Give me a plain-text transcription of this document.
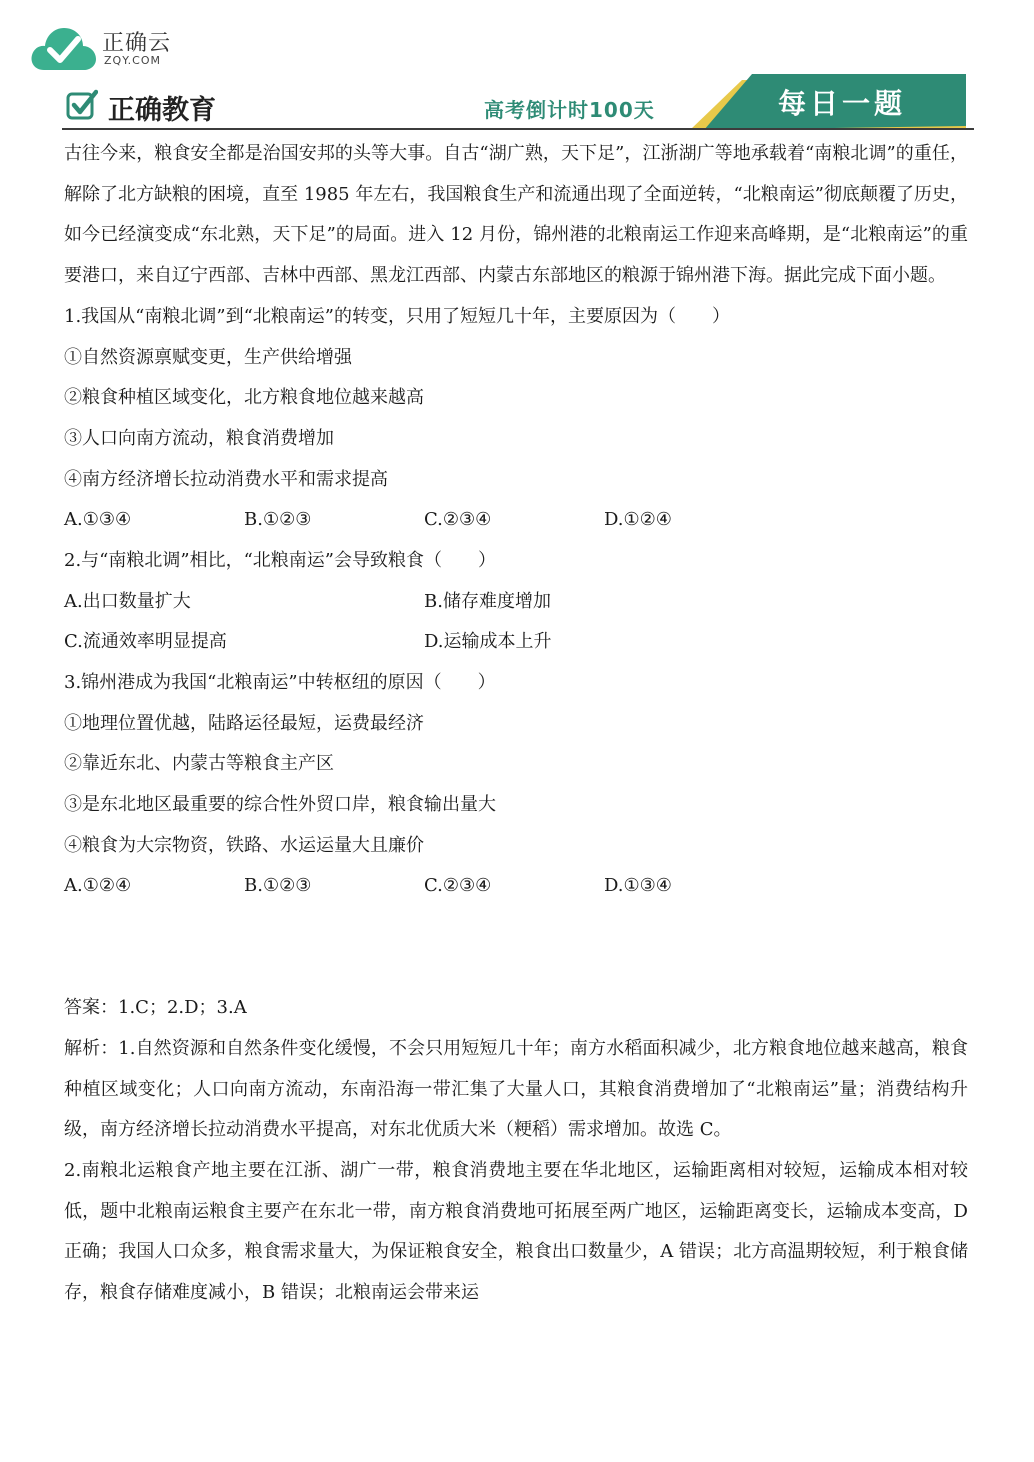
正确云
ZQY.COM
正确教育	高考倒计时100天	每日一题

古往今来，粮食安全都是治国安邦的头等大事。自古“湖广熟，天下足”，江浙湖广等地承载着“南粮北调”的重任，解除了北方缺粮的困境，直至 1985 年左右，我国粮食生产和流通出现了全面逆转，“北粮南运”彻底颠覆了历史，如今已经演变成“东北熟，天下足”的局面。进入 12 月份，锦州港的北粮南运工作迎来高峰期，是“北粮南运”的重要港口，来自辽宁西部、吉林中西部、黑龙江西部、内蒙古东部地区的粮源于锦州港下海。据此完成下面小题。

1.我国从“南粮北调”到“北粮南运”的转变，只用了短短几十年，主要原因为（　　）

①自然资源禀赋变更，生产供给增强

②粮食种植区域变化，北方粮食地位越来越高

③人口向南方流动，粮食消费增加

④南方经济增长拉动消费水平和需求提高

A.①③④	B.①②③	C.②③④	D.①②④

2.与“南粮北调”相比，“北粮南运”会导致粮食（　　）

A.出口数量扩大	B.储存难度增加
C.流通效率明显提高	D.运输成本上升

3.锦州港成为我国“北粮南运”中转枢纽的原因（　　）

①地理位置优越，陆路运径最短，运费最经济

②靠近东北、内蒙古等粮食主产区

③是东北地区最重要的综合性外贸口岸，粮食输出量大

④粮食为大宗物资，铁路、水运运量大且廉价

A.①②④	B.①②③	C.②③④	D.①③④

答案：1.C；2.D；3.A

解析：1.自然资源和自然条件变化缓慢，不会只用短短几十年；南方水稻面积减少，北方粮食地位越来越高，粮食种植区域变化；人口向南方流动，东南沿海一带汇集了大量人口，其粮食消费增加了“北粮南运”量；消费结构升级，南方经济增长拉动消费水平提高，对东北优质大米（粳稻）需求增加。故选 C。

2.南粮北运粮食产地主要在江浙、湖广一带，粮食消费地主要在华北地区，运输距离相对较短，运输成本相对较低，题中北粮南运粮食主要产在东北一带，南方粮食消费地可拓展至两广地区，运输距离变长，运输成本变高，D 正确；我国人口众多，粮食需求量大，为保证粮食安全，粮食出口数量少，A 错误；北方高温期较短，利于粮食储存，粮食存储难度减小，B 错误；北粮南运会带来运
